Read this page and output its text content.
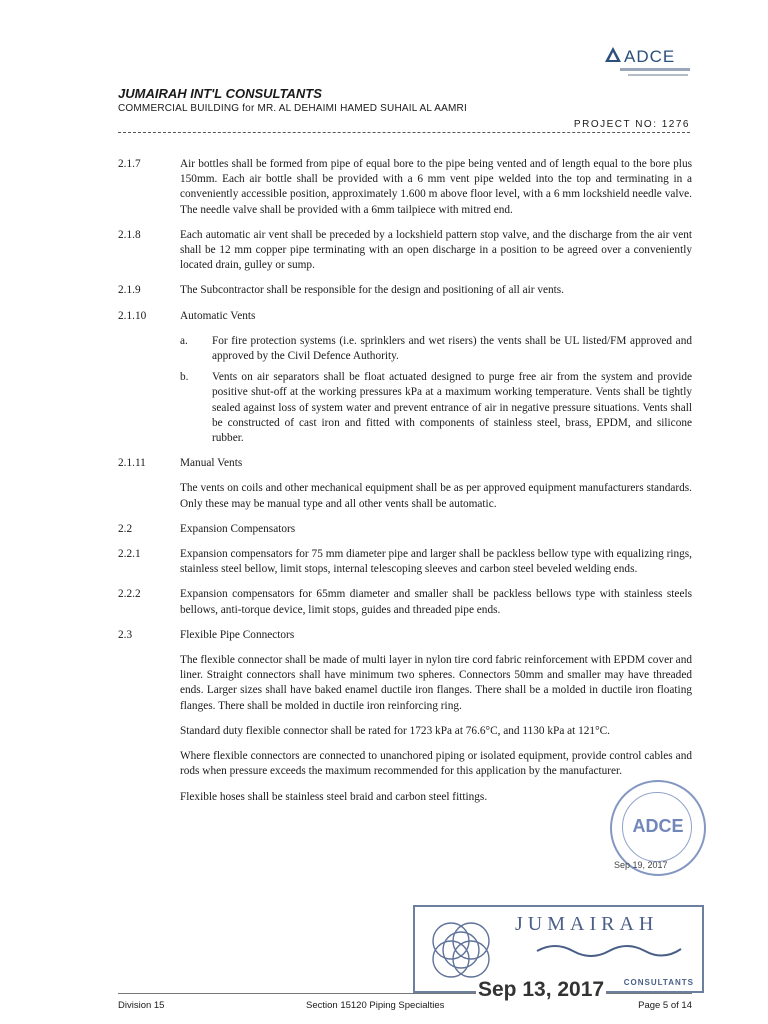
ADCE
JUMAIRAH INT'L CONSULTANTS
COMMERCIAL BUILDING for MR. AL DEHAIMI HAMED SUHAIL AL AAMRI
PROJECT NO: 1276
2.1.7	Air bottles shall be formed from pipe of equal bore to the pipe being vented and of length equal to the bore plus 150mm. Each air bottle shall be provided with a 6 mm vent pipe welded into the top and terminating in a conveniently accessible position, approximately 1.600 m above floor level, with a 6 mm lockshield needle valve. The needle valve shall be provided with a 6mm tailpiece with mitred end.

2.1.8	Each automatic air vent shall be preceded by a lockshield pattern stop valve, and the discharge from the air vent shall be 12 mm copper pipe terminating with an open discharge in a position to be agreed over a conveniently located drain, gulley or sump.

2.1.9	The Subcontractor shall be responsible for the design and positioning of all air vents.

2.1.10	Automatic Vents

a. For fire protection systems (i.e. sprinklers and wet risers) the vents shall be UL listed/FM approved and approved by the Civil Defence Authority.
b. Vents on air separators shall be float actuated designed to purge free air from the system and provide positive shut-off at the working pressures kPa at a maximum working temperature. Vents shall be tightly sealed against loss of system water and prevent entrance of air in negative pressure situations. Vents shall be constructed of cast iron and fitted with components of stainless steel, brass, EPDM, and silicone rubber.
2.1.11	Manual Vents

The vents on coils and other mechanical equipment shall be as per approved equipment manufacturers standards. Only these may be manual type and all other vents shall be automatic.

2.2	Expansion Compensators

2.2.1	Expansion compensators for 75 mm diameter pipe and larger shall be packless bellow type with equalizing rings, stainless steel bellow, limit stops, internal telescoping sleeves and carbon steel beveled welding ends.

2.2.2	Expansion compensators for 65mm diameter and smaller shall be packless bellows type with stainless steels bellows, anti-torque device, limit stops, guides and threaded pipe ends.

2.3	Flexible Pipe Connectors

The flexible connector shall be made of multi layer in nylon tire cord fabric reinforcement with EPDM cover and liner. Straight connectors shall have minimum two spheres. Connectors 50mm and smaller may have threaded ends. Larger sizes shall have baked enamel ductile iron flanges. There shall be a molded in ductile iron floating flanges. There shall be molded in ductile iron reinforcing ring.

Standard duty flexible connector shall be rated for 1723 kPa at 76.6°C, and 1130 kPa at 121°C.

Where flexible connectors are connected to unanchored piping or isolated equipment, provide control cables and rods when pressure exceeds the maximum recommended for this application by the manufacturer.

Flexible hoses shall be stainless steel braid and carbon steel fittings.

ADCE
Sep 19, 2017
JUMAIRAH
CONSULTANTS
Division 15	Section 15120 Piping Specialties	Page 5 of 14
Sep 13, 2017
